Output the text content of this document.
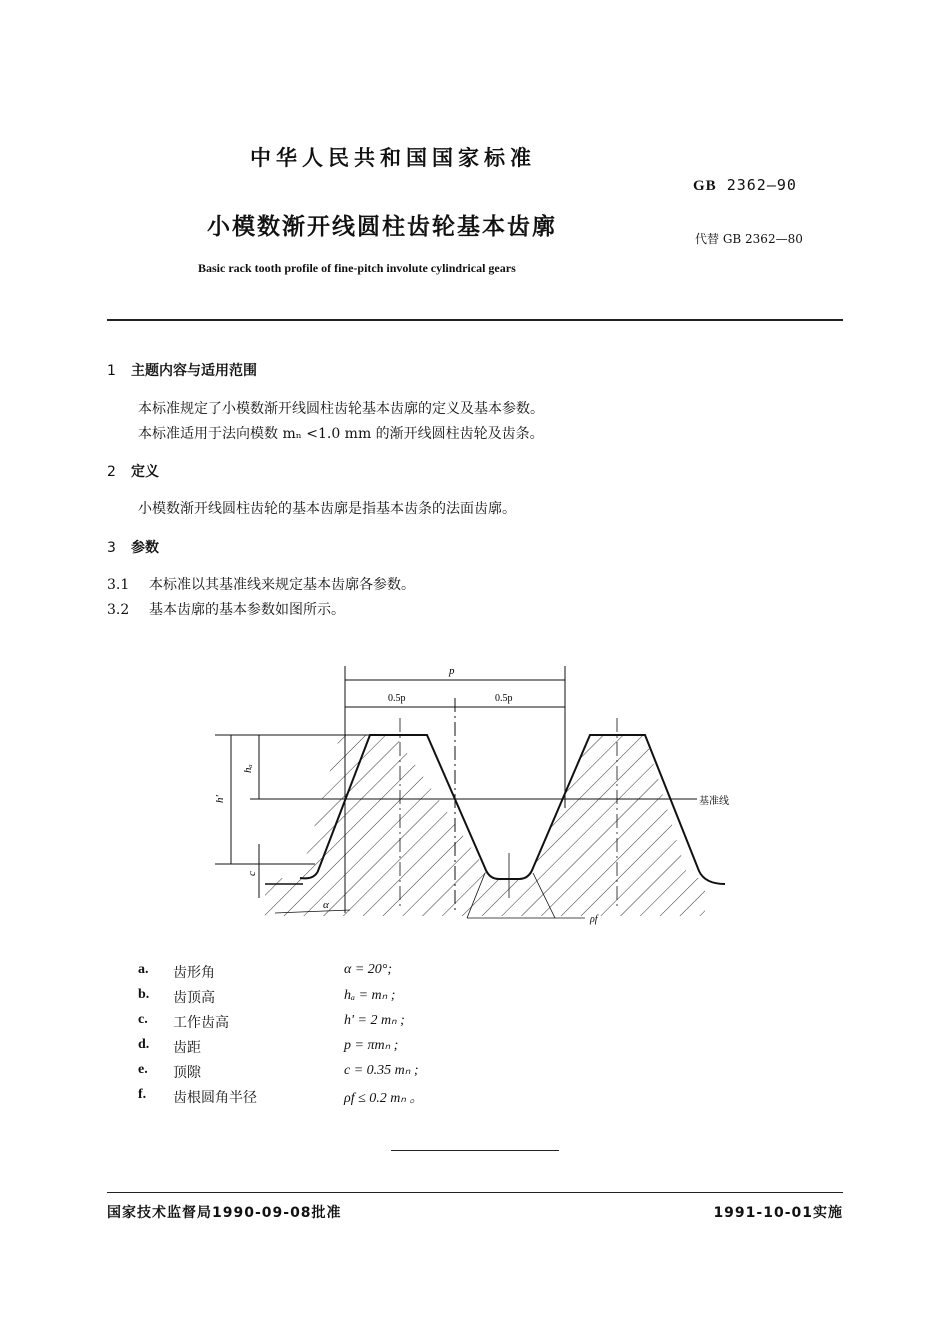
中华人民共和国国家标准
GB 2362—90
小模数渐开线圆柱齿轮基本齿廓	代替 GB 2362—80
Basic rack tooth profile of fine-pitch involute cylindrical gears
1 主题内容与适用范围
本标准规定了小模数渐开线圆柱齿轮基本齿廓的定义及基本参数。
本标准适用于法向模数 mₙ <1.0 mm 的渐开线圆柱齿轮及齿条。
2 定义
小模数渐开线圆柱齿轮的基本齿廓是指基本齿条的法面齿廓。
3 参数
3.1 本标准以其基准线来规定基本齿廓各参数。
3.2 基本齿廓的基本参数如图所示。
基准线
p
0.5p	0.5p
h'
hₐ
c
α
ρf
a. 齿形角	α = 20°;
b. 齿顶高	hₐ = mₙ ;
c. 工作齿高	h' = 2 mₙ ;
d. 齿距	p = πmₙ ;
e. 顶隙	c = 0.35 mₙ ;
f. 齿根圆角半径	ρf ≤ 0.2 mₙ 。
国家技术监督局1990-09-08批准	1991-10-01实施
